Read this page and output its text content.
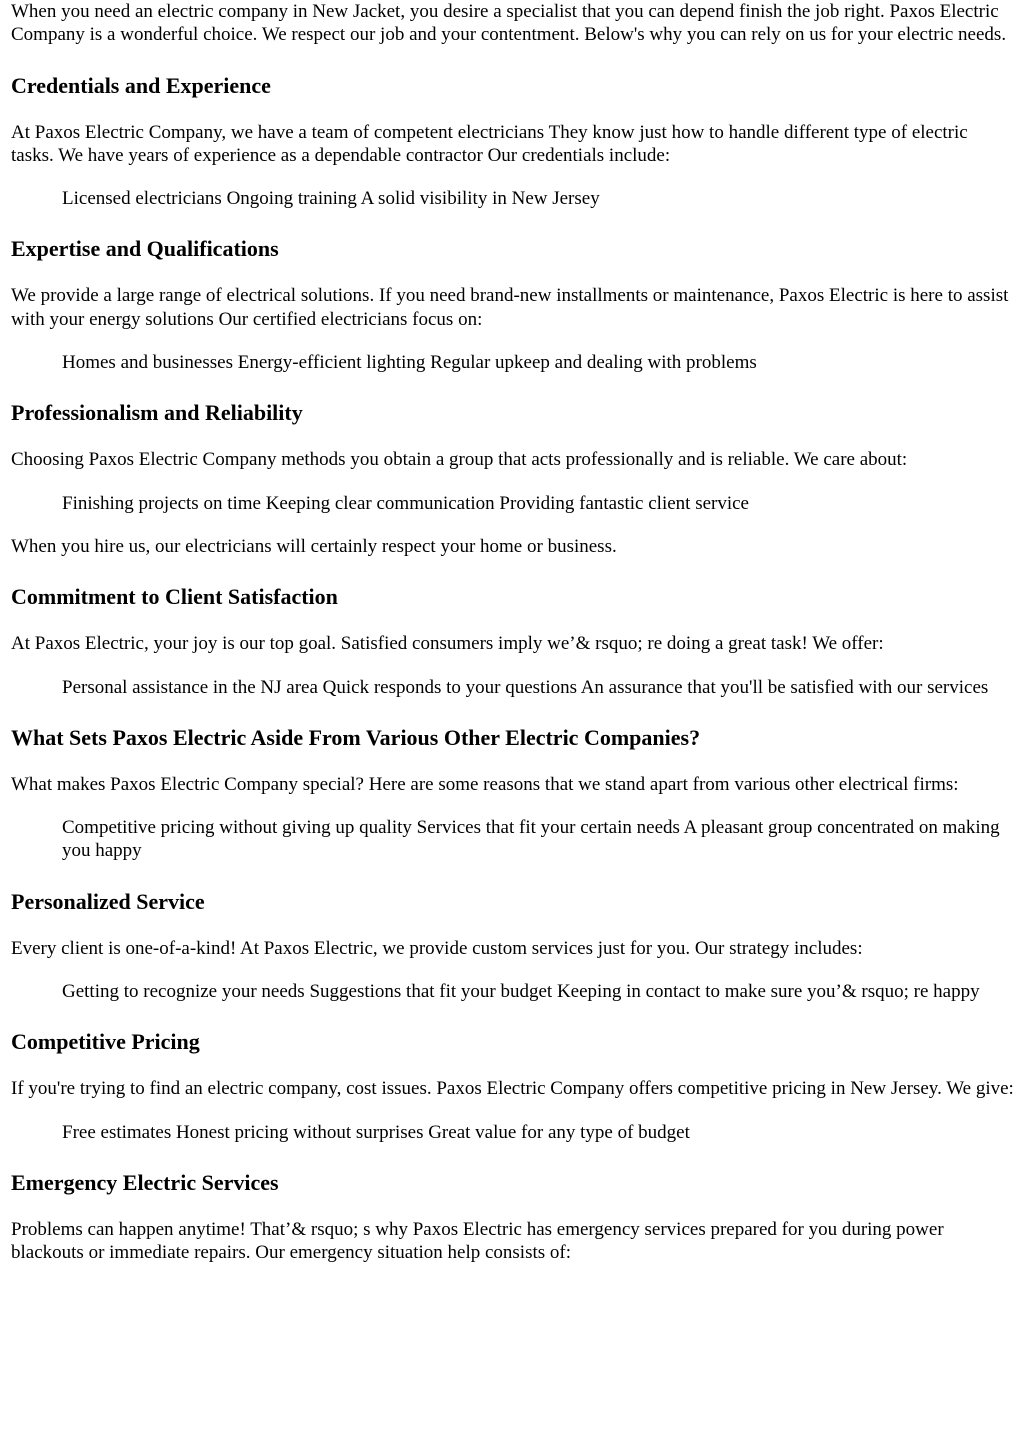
When you need an electric company in New Jacket, you desire a specialist that you can depend finish the job right. Paxos Electric Company is a wonderful choice. We respect our job and your contentment. Below's why you can rely on us for your electric needs.

Credentials and Experience

At Paxos Electric Company, we have a team of competent electricians They know just how to handle different type of electric tasks. We have years of experience as a dependable contractor Our credentials include:

Licensed electricians Ongoing training A solid visibility in New Jersey
Expertise and Qualifications

We provide a large range of electrical solutions. If you need brand-new installments or maintenance, Paxos Electric is here to assist with your energy solutions Our certified electricians focus on:

Homes and businesses Energy-efficient lighting Regular upkeep and dealing with problems
Professionalism and Reliability

Choosing Paxos Electric Company methods you obtain a group that acts professionally and is reliable. We care about:

Finishing projects on time Keeping clear communication Providing fantastic client service

When you hire us, our electricians will certainly respect your home or business.

Commitment to Client Satisfaction

At Paxos Electric, your joy is our top goal. Satisfied consumers imply we’& rsquo; re doing a great task! We offer:

Personal assistance in the NJ area Quick responds to your questions An assurance that you'll be satisfied with our services
What Sets Paxos Electric Aside From Various Other Electric Companies?

What makes Paxos Electric Company special? Here are some reasons that we stand apart from various other electrical firms:

Competitive pricing without giving up quality Services that fit your certain needs A pleasant group concentrated on making you happy
Personalized Service

Every client is one-of-a-kind! At Paxos Electric, we provide custom services just for you. Our strategy includes:

Getting to recognize your needs Suggestions that fit your budget Keeping in contact to make sure you’& rsquo; re happy
Competitive Pricing

If you're trying to find an electric company, cost issues. Paxos Electric Company offers competitive pricing in New Jersey. We give:

Free estimates Honest pricing without surprises Great value for any type of budget
Emergency Electric Services

Problems can happen anytime! That’& rsquo; s why Paxos Electric has emergency services prepared for you during power blackouts or immediate repairs. Our emergency situation help consists of:
